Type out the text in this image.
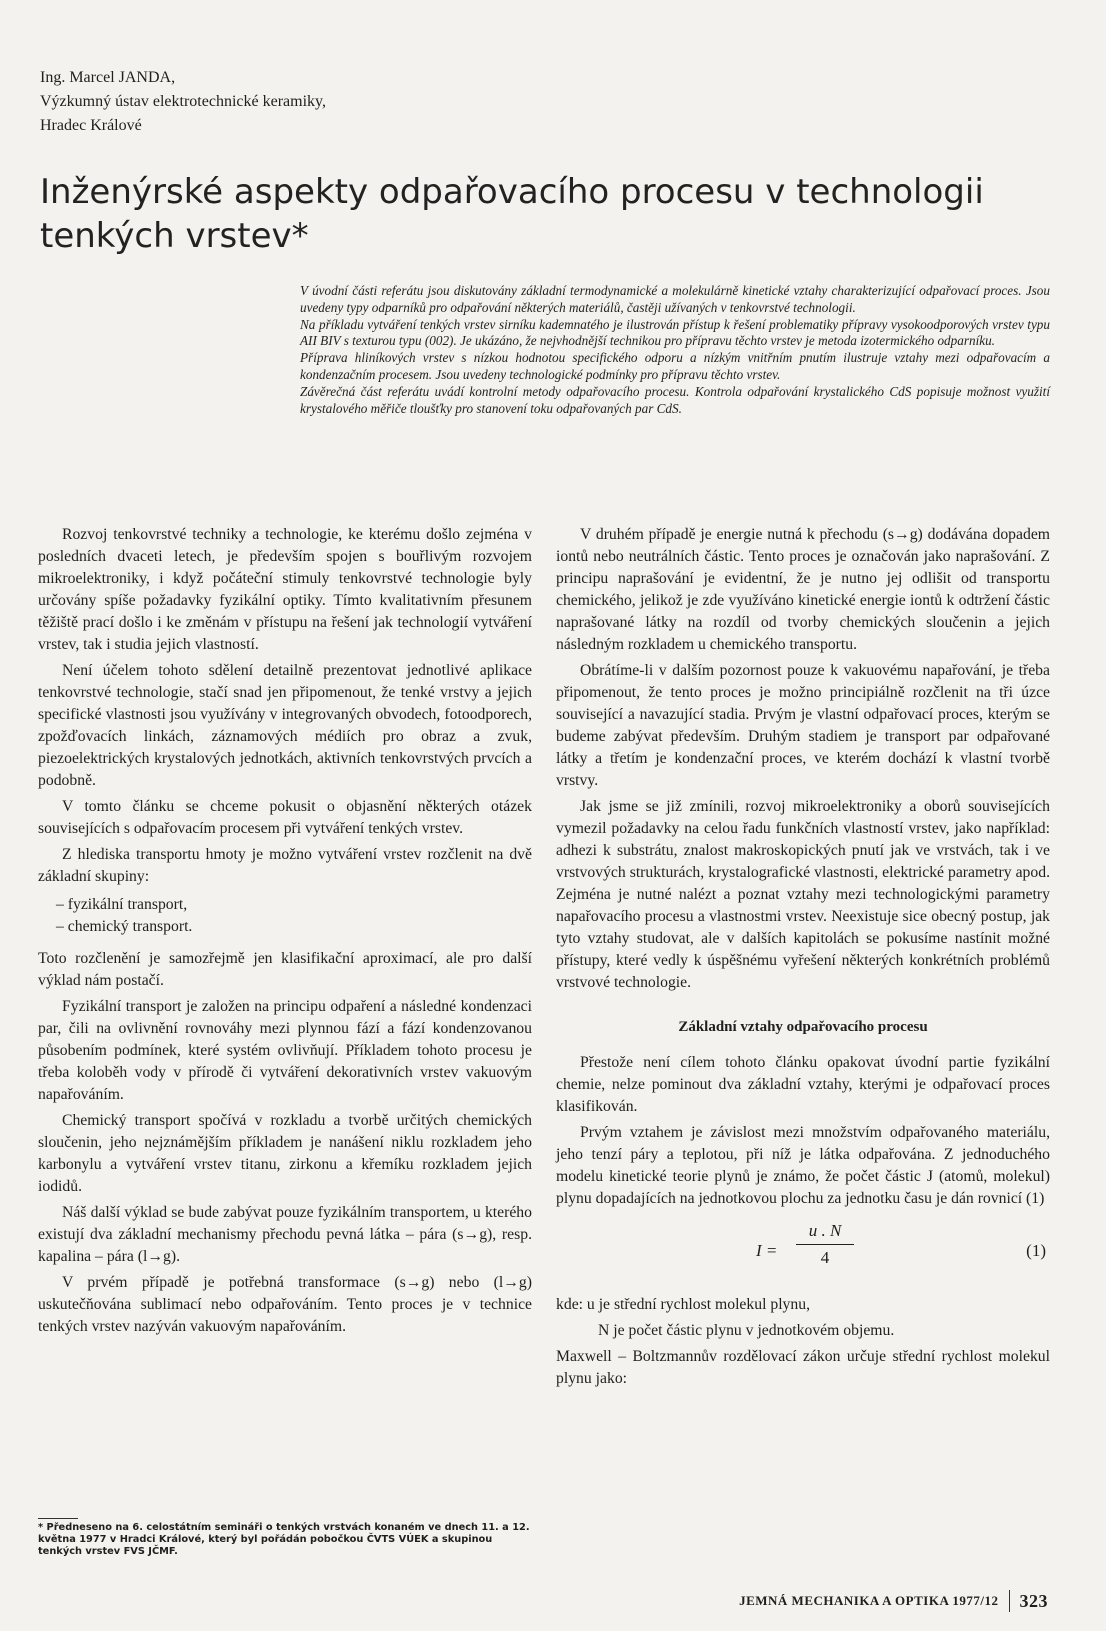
Ing. Marcel JANDA,
Výzkumný ústav elektrotechnické keramiky,
Hradec Králové
Inženýrské aspekty odpařovacího procesu v technologii tenkých vrstev*

V úvodní části referátu jsou diskutovány základní termodynamické a molekulárně kinetické vztahy charakterizující odpařovací proces. Jsou uvedeny typy odparníků pro odpařování některých materiálů, častěji užívaných v tenkovrstvé technologii.

Na příkladu vytváření tenkých vrstev sirníku kademnatého je ilustrován přístup k řešení problematiky přípravy vysokoodporových vrstev typu AII BIV s texturou typu (002). Je ukázáno, že nejvhodnější technikou pro přípravu těchto vrstev je metoda izotermického odparníku.

Příprava hliníkových vrstev s nízkou hodnotou specifického odporu a nízkým vnitřním pnutím ilustruje vztahy mezi odpařovacím a kondenzačním procesem. Jsou uvedeny technologické podmínky pro přípravu těchto vrstev.

Závěrečná část referátu uvádí kontrolní metody odpařovacího procesu. Kontrola odpařování krystalického CdS popisuje možnost využití krystalového měřiče tloušťky pro stanovení toku odpařovaných par CdS.

Rozvoj tenkovrstvé techniky a technologie, ke kterému došlo zejména v posledních dvaceti letech, je především spojen s bouřlivým rozvojem mikroelektroniky, i když počáteční stimuly tenkovrstvé technologie byly určovány spíše požadavky fyzikální optiky. Tímto kvalitativním přesunem těžiště prací došlo i ke změnám v přístupu na řešení jak technologií vytváření vrstev, tak i studia jejich vlastností.

Není účelem tohoto sdělení detailně prezentovat jednotlivé aplikace tenkovrstvé technologie, stačí snad jen připomenout, že tenké vrstvy a jejich specifické vlastnosti jsou využívány v integrovaných obvodech, fotoodporech, zpožďovacích linkách, záznamových médiích pro obraz a zvuk, piezoelektrických krystalových jednotkách, aktivních tenkovrstvých prvcích a podobně.

V tomto článku se chceme pokusit o objasnění některých otázek souvisejících s odpařovacím procesem při vytváření tenkých vrstev.

Z hlediska transportu hmoty je možno vytváření vrstev rozčlenit na dvě základní skupiny:

– fyzikální transport,
– chemický transport.

Toto rozčlenění je samozřejmě jen klasifikační aproximací, ale pro další výklad nám postačí.

Fyzikální transport je založen na principu odpaření a následné kondenzaci par, čili na ovlivnění rovnováhy mezi plynnou fází a fází kondenzovanou působením podmínek, které systém ovlivňují. Příkladem tohoto procesu je třeba koloběh vody v přírodě či vytváření dekorativních vrstev vakuovým napařováním.

Chemický transport spočívá v rozkladu a tvorbě určitých chemických sloučenin, jeho nejznámějším příkladem je nanášení niklu rozkladem jeho karbonylu a vytváření vrstev titanu, zirkonu a křemíku rozkladem jejich iodidů.

Náš další výklad se bude zabývat pouze fyzikálním transportem, u kterého existují dva základní mechanismy přechodu pevná látka – pára (s→g), resp. kapalina – pára (l→g).

V prvém případě je potřebná transformace (s→g) nebo (l→g) uskutečňována sublimací nebo odpařováním. Tento proces je v technice tenkých vrstev nazýván vakuovým napařováním.

V druhém případě je energie nutná k přechodu (s→g) dodávána dopadem iontů nebo neutrálních částic. Tento proces je označován jako naprašování. Z principu naprašování je evidentní, že je nutno jej odlišit od transportu chemického, jelikož je zde využíváno kinetické energie iontů k odtržení částic naprašované látky na rozdíl od tvorby chemických sloučenin a jejich následným rozkladem u chemického transportu.

Obrátíme-li v dalším pozornost pouze k vakuovému napařování, je třeba připomenout, že tento proces je možno principiálně rozčlenit na tři úzce související a navazující stadia. Prvým je vlastní odpařovací proces, kterým se budeme zabývat především. Druhým stadiem je transport par odpařované látky a třetím je kondenzační proces, ve kterém dochází k vlastní tvorbě vrstvy.

Jak jsme se již zmínili, rozvoj mikroelektroniky a oborů souvisejících vymezil požadavky na celou řadu funkčních vlastností vrstev, jako například: adhezi k substrátu, znalost makroskopických pnutí jak ve vrstvách, tak i ve vrstvových strukturách, krystalografické vlastnosti, elektrické parametry apod. Zejména je nutné nalézt a poznat vztahy mezi technologickými parametry napařovacího procesu a vlastnostmi vrstev. Neexistuje sice obecný postup, jak tyto vztahy studovat, ale v dalších kapitolách se pokusíme nastínit možné přístupy, které vedly k úspěšnému vyřešení některých konkrétních problémů vrstvové technologie.

Základní vztahy odpařovacího procesu

Přestože není cílem tohoto článku opakovat úvodní partie fyzikální chemie, nelze pominout dva základní vztahy, kterými je odpařovací proces klasifikován.

Prvým vztahem je závislost mezi množstvím odpařovaného materiálu, jeho tenzí páry a teplotou, při níž je látka odpařována. Z jednoduchého modelu kinetické teorie plynů je známo, že počet částic J (atomů, molekul) plynu dopadajících na jednotkovou plochu za jednotku času je dán rovnicí (1)

$I = \frac{u . N}{4}$	(1)

kde: u je střední rychlost molekul plynu,

N je počet částic plynu v jednotkovém objemu.

Maxwell – Boltzmannův rozdělovací zákon určuje střední rychlost molekul plynu jako:

* Předneseno na 6. celostátním semináři o tenkých vrstvách konaném ve dnech 11. a 12. května 1977 v Hradci Králové, který byl pořádán pobočkou ČVTS VÚEK a skupinou tenkých vrstev FVS JČMF.
JEMNÁ MECHANIKA A OPTIKA 1977/12 323
